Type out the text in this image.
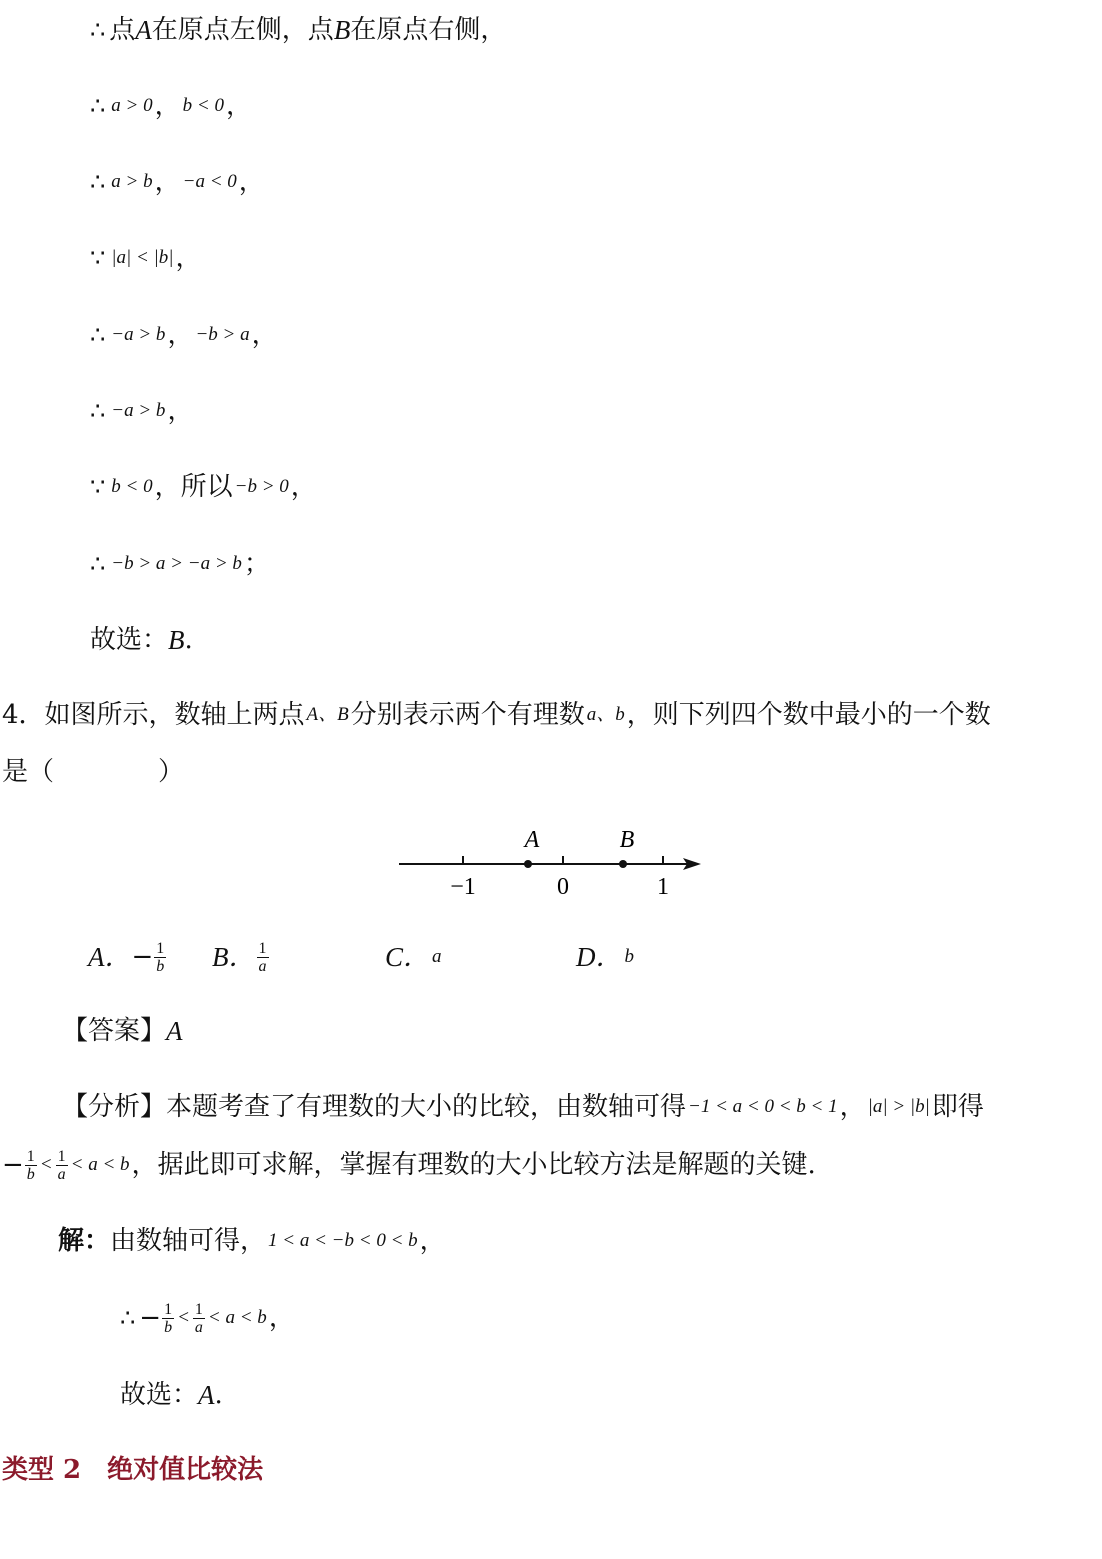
∴ 点 A 在原点左侧，点 B 在原点右侧，
∴ a > 0 ， b < 0 ，
∴ a > b ， −a < 0 ，
∵ |a| < |b| ，
∴ −a > b ， −b > a ，
∴ −a > b ，
∵ b < 0 ，所以 −b > 0 ，
∴ −b > a > −a > b ；
故选： B .
4．如图所示，数轴上两点 A、B 分别表示两个有理数 a、b ，则下列四个数中最小的一个数
是（　　　　）
−1	0	1
A	B
A． − $\frac{1}{b}$ B． $\frac{1}{a}$	C． a	D． b
【答案】 A
【分析】本题考查了有理数的大小的比较，由数轴可得 −1 < a < 0 < b < 1 ， |a| > |b| 即得
− $\frac{1}{b} < \frac{1}{a} < a < b$ ，据此即可求解，掌握有理数的大小比较方法是解题的关键.
解： 由数轴可得， 1 < a < −b < 0 < b ，
∴ − $\frac{1}{b} < \frac{1}{a} < a < b$ ，
故选： A .
类型 2　绝对值比较法
